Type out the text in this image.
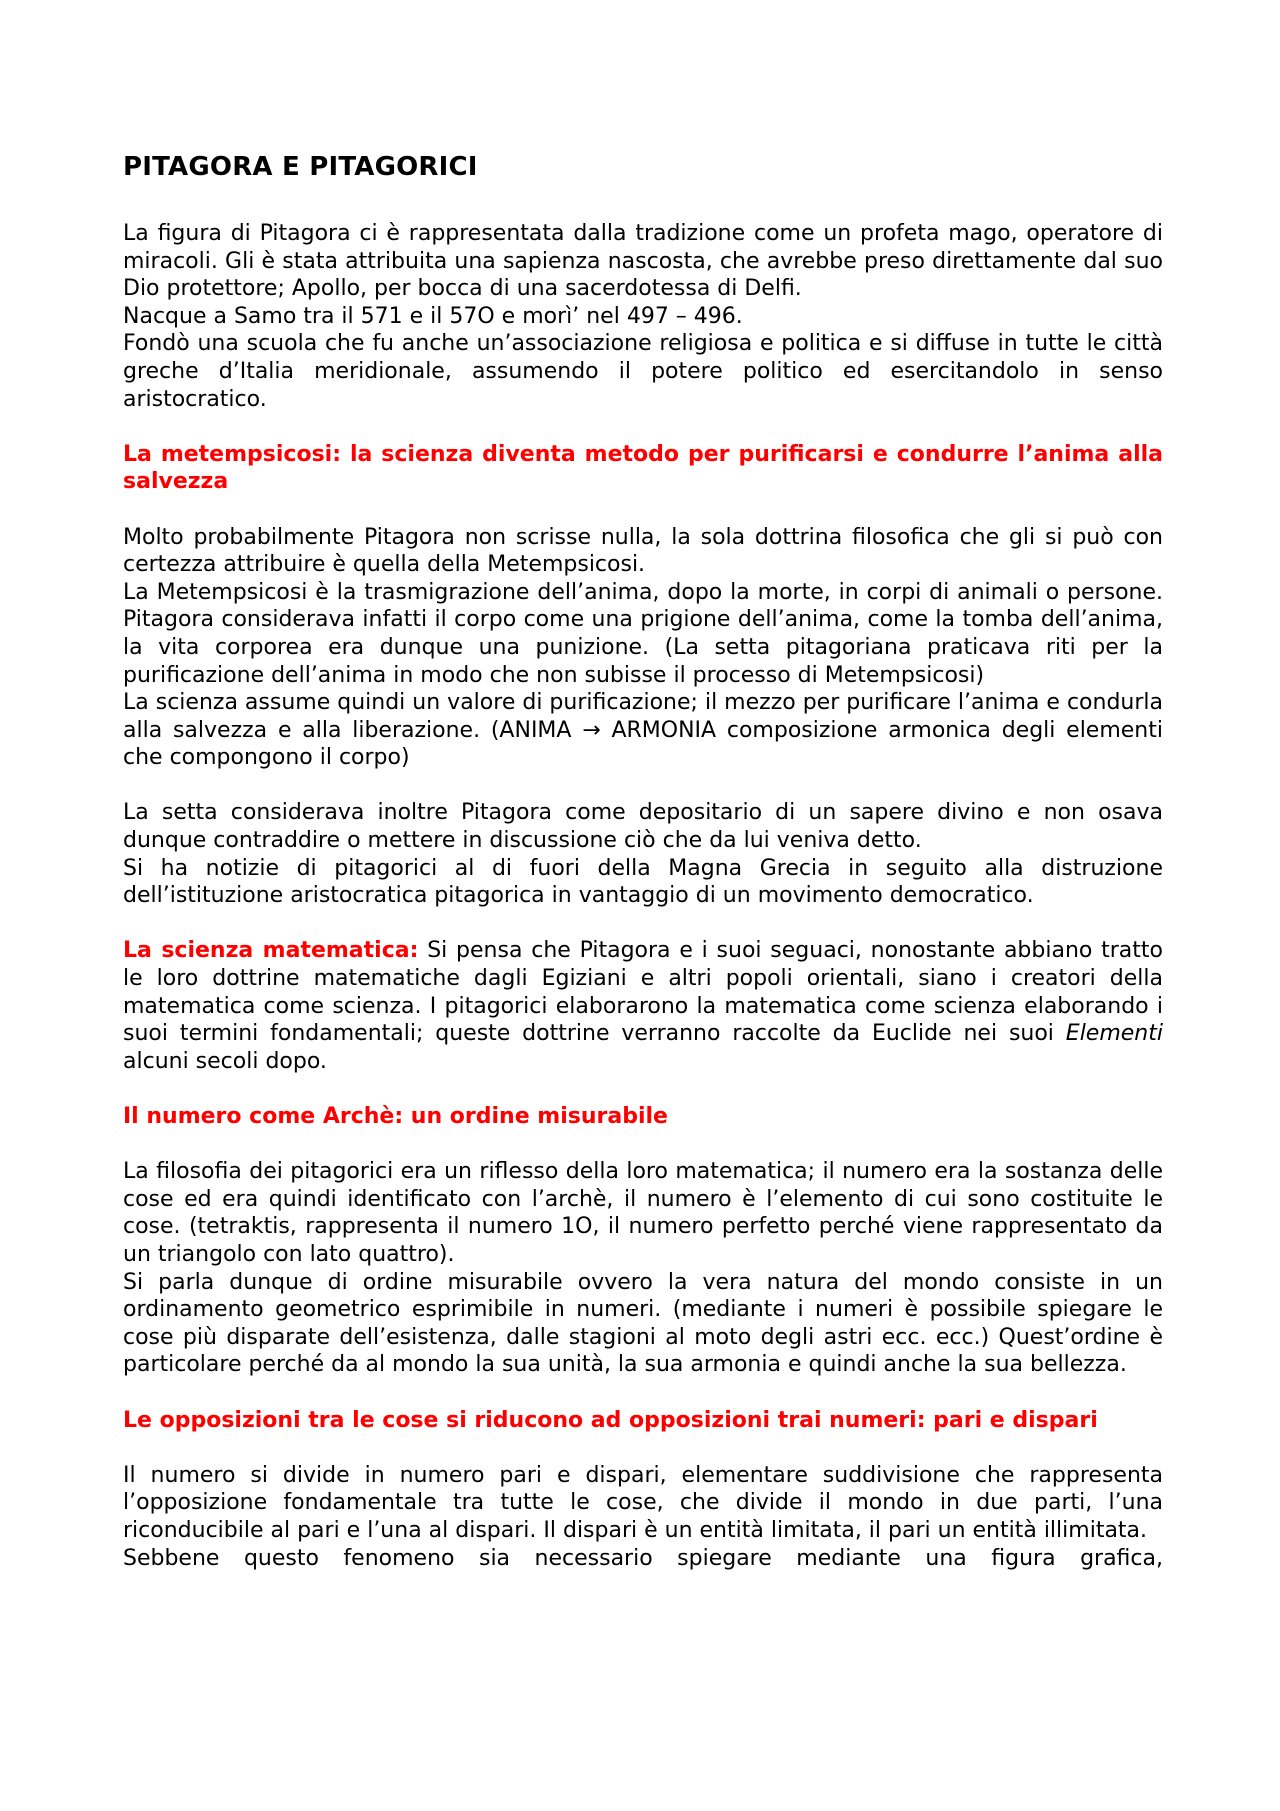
PITAGORA E PITAGORICI

La figura di Pitagora ci è rappresentata dalla tradizione come un profeta mago, operatore di miracoli. Gli è stata attribuita una sapienza nascosta, che avrebbe preso direttamente dal suo Dio protettore; Apollo, per bocca di una sacerdotessa di Delfi.

Nacque a Samo tra il 571 e il 57O e morì’ nel 497 – 496.

Fondò una scuola che fu anche un’associazione religiosa e politica e si diffuse in tutte le città greche d’Italia meridionale, assumendo il potere politico ed esercitandolo in senso aristocratico.

La metempsicosi: la scienza diventa metodo per purificarsi e condurre l’anima alla salvezza

Molto probabilmente Pitagora non scrisse nulla, la sola dottrina filosofica che gli si può con certezza attribuire è quella della Metempsicosi.

La Metempsicosi è la trasmigrazione dell’anima, dopo la morte, in corpi di animali o persone. Pitagora considerava infatti il corpo come una prigione dell’anima, come la tomba dell’anima, la vita corporea era dunque una punizione. (La setta pitagoriana praticava riti per la purificazione dell’anima in modo che non subisse il processo di Metempsicosi)

La scienza assume quindi un valore di purificazione; il mezzo per purificare l’anima e condurla alla salvezza e alla liberazione. (ANIMA → ARMONIA composizione armonica degli elementi che compongono il corpo)

La setta considerava inoltre Pitagora come depositario di un sapere divino e non osava dunque contraddire o mettere in discussione ciò che da lui veniva detto.

Si ha notizie di pitagorici al di fuori della Magna Grecia in seguito alla distruzione dell’istituzione aristocratica pitagorica in vantaggio di un movimento democratico.

La scienza matematica: Si pensa che Pitagora e i suoi seguaci, nonostante abbiano tratto le loro dottrine matematiche dagli Egiziani e altri popoli orientali, siano i creatori della matematica come scienza. I pitagorici elaborarono la matematica come scienza elaborando i suoi termini fondamentali; queste dottrine verranno raccolte da Euclide nei suoi Elementi alcuni secoli dopo.

Il numero come Archè: un ordine misurabile

La filosofia dei pitagorici era un riflesso della loro matematica; il numero era la sostanza delle cose ed era quindi identificato con l’archè, il numero è l’elemento di cui sono costituite le cose. (tetraktis, rappresenta il numero 1O, il numero perfetto perché viene rappresentato da un triangolo con lato quattro).

Si parla dunque di ordine misurabile ovvero la vera natura del mondo consiste in un ordinamento geometrico esprimibile in numeri. (mediante i numeri è possibile spiegare le cose più disparate dell’esistenza, dalle stagioni al moto degli astri ecc. ecc.) Quest’ordine è particolare perché da al mondo la sua unità, la sua armonia e quindi anche la sua bellezza.

Le opposizioni tra le cose si riducono ad opposizioni trai numeri: pari e dispari

Il numero si divide in numero pari e dispari, elementare suddivisione che rappresenta l’opposizione fondamentale tra tutte le cose, che divide il mondo in due parti, l’una riconducibile al pari e l’una al dispari. Il dispari è un entità limitata, il pari un entità illimitata.

Sebbene questo fenomeno sia necessario spiegare mediante una figura grafica,
